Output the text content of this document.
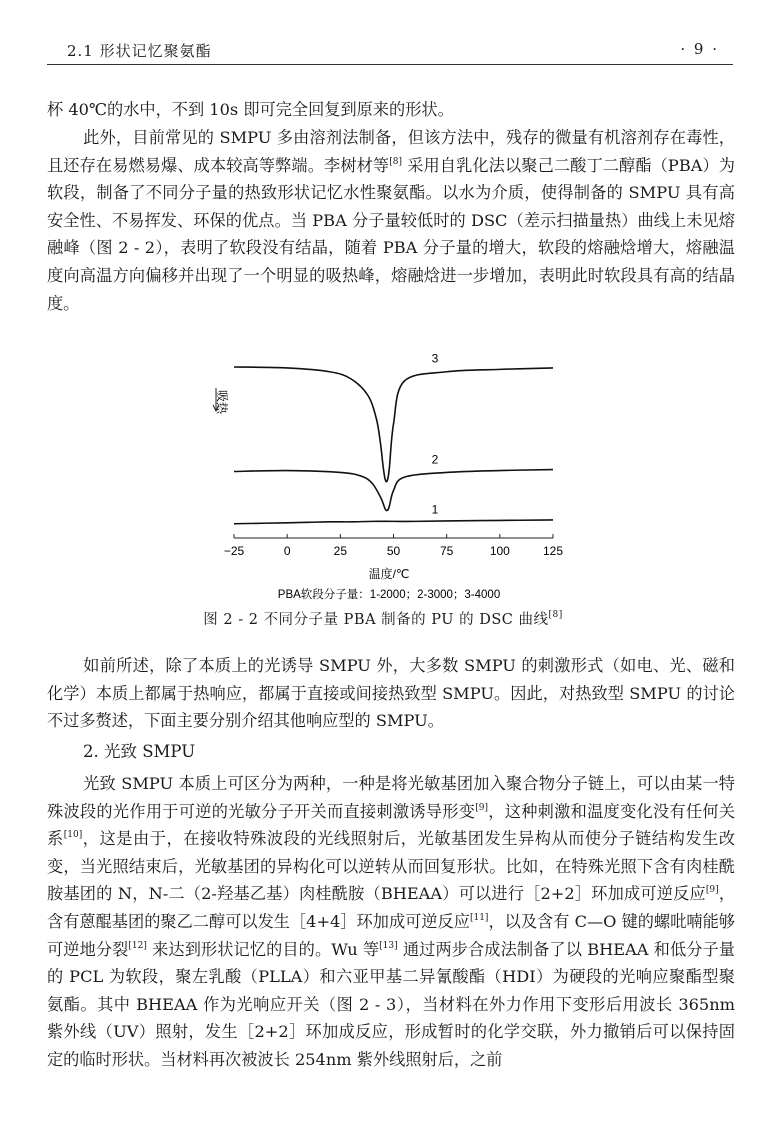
2.1 形状记忆聚氨酯	· 9 ·

杯 40℃的水中，不到 10s 即可完全回复到原来的形状。

此外，目前常见的 SMPU 多由溶剂法制备，但该方法中，残存的微量有机溶剂存在毒性，且还存在易燃易爆、成本较高等弊端。李树材等[8] 采用自乳化法以聚己二酸丁二醇酯（PBA）为软段，制备了不同分子量的热致形状记忆水性聚氨酯。以水为介质，使得制备的 SMPU 具有高安全性、不易挥发、环保的优点。当 PBA 分子量较低时的 DSC（差示扫描量热）曲线上未见熔融峰（图 2 - 2），表明了软段没有结晶，随着 PBA 分子量的增大，软段的熔融焓增大，熔融温度向高温方向偏移并出现了一个明显的吸热峰，熔融焓进一步增加，表明此时软段具有高的结晶度。

−25	0	25	50	75	100	125
1
2
3
吸热
温度/℃
PBA软段分子量：1-2000；2-3000；3-4000
图 2 - 2 不同分子量 PBA 制备的 PU 的 DSC 曲线[8]

如前所述，除了本质上的光诱导 SMPU 外，大多数 SMPU 的刺激形式（如电、光、磁和化学）本质上都属于热响应，都属于直接或间接热致型 SMPU。因此，对热致型 SMPU 的讨论不过多赘述，下面主要分别介绍其他响应型的 SMPU。

2. 光致 SMPU

光致 SMPU 本质上可区分为两种，一种是将光敏基团加入聚合物分子链上，可以由某一特殊波段的光作用于可逆的光敏分子开关而直接刺激诱导形变[9]，这种刺激和温度变化没有任何关系[10]，这是由于，在接收特殊波段的光线照射后，光敏基团发生异构从而使分子链结构发生改变，当光照结束后，光敏基团的异构化可以逆转从而回复形状。比如，在特殊光照下含有肉桂酰胺基团的 N，N-二（2-羟基乙基）肉桂酰胺（BHEAA）可以进行［2+2］环加成可逆反应[9]，含有蒽醌基团的聚乙二醇可以发生［4+4］环加成可逆反应[11]，以及含有 C—O 键的螺吡喃能够可逆地分裂[12] 来达到形状记忆的目的。Wu 等[13] 通过两步合成法制备了以 BHEAA 和低分子量的 PCL 为软段，聚左乳酸（PLLA）和六亚甲基二异氰酸酯（HDI）为硬段的光响应聚酯型聚氨酯。其中 BHEAA 作为光响应开关（图 2 - 3），当材料在外力作用下变形后用波长 365nm 紫外线（UV）照射，发生［2+2］环加成反应，形成暂时的化学交联，外力撤销后可以保持固定的临时形状。当材料再次被波长 254nm 紫外线照射后，之前
